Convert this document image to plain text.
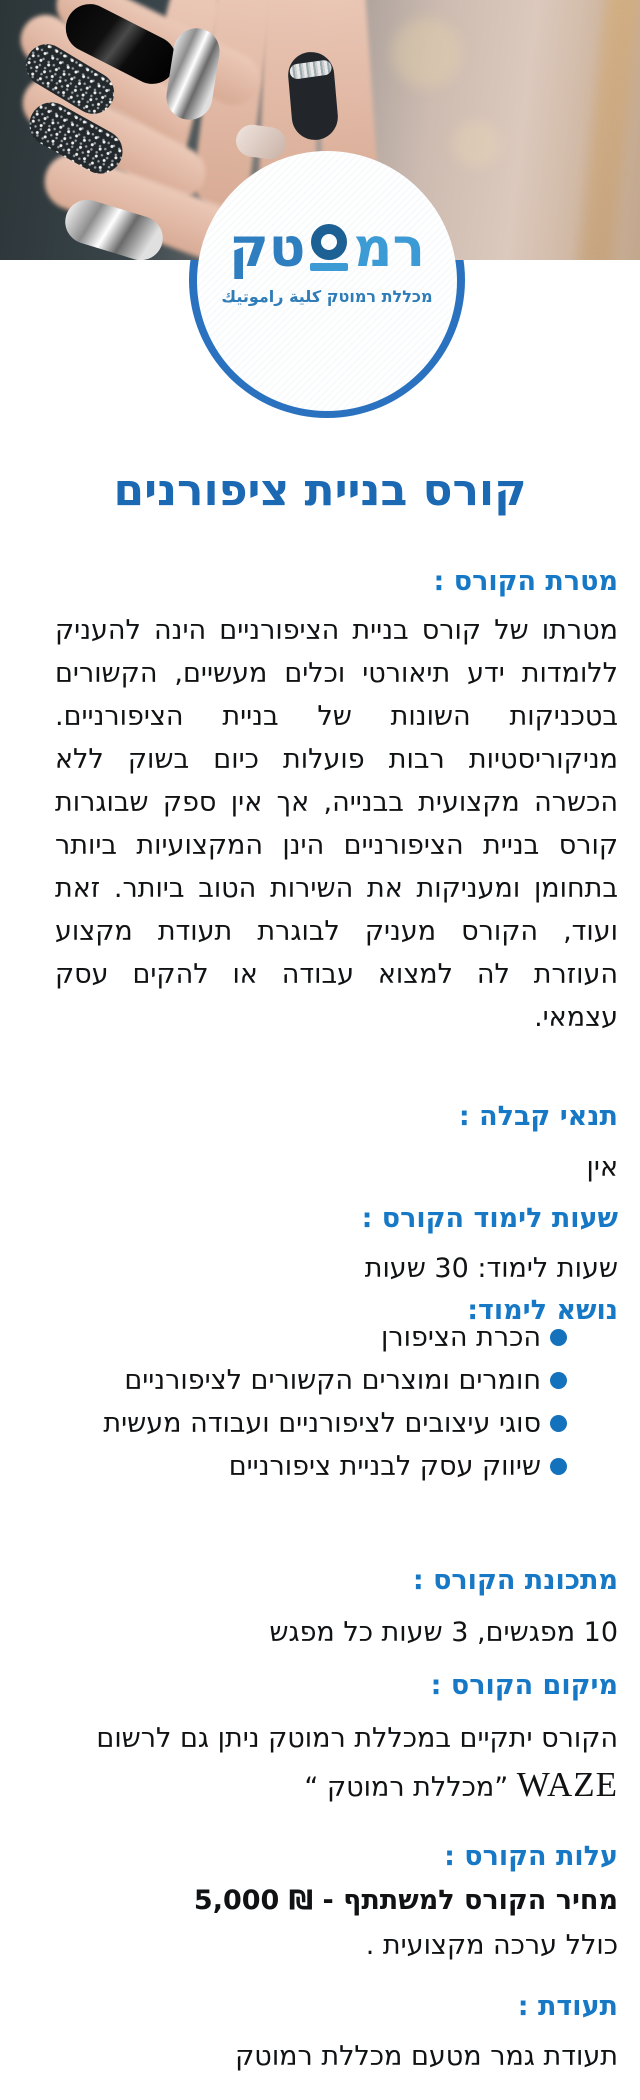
רמ
טק
מכללת רמוטק كلية راموتيك
קורס בניית ציפורנים
מטרת הקורס :

מטרתו של קורס בניית הציפורניים הינה להעניק ללומדות ידע תיאורטי וכלים מעשיים, הקשורים בטכניקות השונות של בניית הציפורניים. מניקוריסטיות רבות פועלות כיום בשוק ללא הכשרה מקצועית בבנייה, אך אין ספק שבוגרות קורס בניית הציפורניים הינן המקצועיות ביותר בתחומן ומעניקות את השירות הטוב ביותר. זאת ועוד, הקורס מעניק לבוגרת תעודת מקצוע העוזרת לה למצוא עבודה או להקים עסק עצמאי.

תנאי קבלה :

אין

שעות לימוד הקורס :

שעות לימוד: 30 שעות

נושא לימוד:
הכרת הציפורן
חומרים ומוצרים הקשורים לציפורניים
סוגי עיצובים לציפורניים ועבודה מעשית
שיווק עסק לבניית ציפורניים
מתכונת הקורס :

10 מפגשים, 3 שעות כל מפגש

מיקום הקורס :

הקורס יתקיים במכללת רמוטק ניתן גם לרשום

WAZE ”מכללת רמוטק “

עלות הקורס :

מחיר הקורס למשתתף - ₪ 5,000

כולל ערכה מקצועית .

תעודת :

תעודת גמר מטעם מכללת רמוטק
